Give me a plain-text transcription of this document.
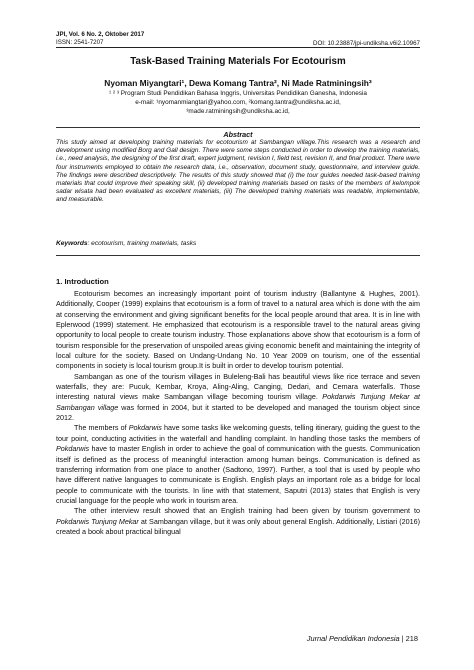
JPI, Vol. 6 No. 2, Oktober 2017
ISSN: 2541-7207	DOI: 10.23887/jpi-undiksha.v6i2.10967
Task-Based Training Materials For Ecotourism
Nyoman Miyangtari¹, Dewa Komang Tantra², Ni Made Ratminingsih³
¹ ² ³ Program Studi Pendidikan Bahasa Inggris, Universitas Pendidikan Ganesha, Indonesia
e-mail: ¹nyomanmiangtari@yahoo.com, ²komang.tantra@undiksha.ac.id,
³made.ratminingsih@undiksha.ac.id,
Abstract
This study aimed at developing training materials for ecotourism at Sambangan village.This research was a research and development using modified Borg and Gall design. There were some steps conducted in order to develop the training materials, i.e., need analysis, the designing of the first draft, expert judgment, revision I, field test, revision II, and final product. There were four instruments employed to obtain the research data, i.e., observation, document study, questionnaire, and interview guide. The findings were described descriptively. The results of this study showed that (i) the tour guides needed task-based training materials that could improve their speaking skill, (ii) developed training materials based on tasks of the members of kelompok sadar wisata had been evaluated as excellent materials, (iii) The developed training materials was readable, implementable, and measurable.
Keywords: ecotourism, training materials, tasks
1. Introduction

Ecotourism becomes an increasingly important point of tourism industry (Ballantyne & Hughes, 2001). Additionally, Cooper (1999) explains that ecotourism is a form of travel to a natural area which is done with the aim at conserving the environment and giving significant benefits for the local people around that area. It is in line with Eplerwood (1999) statement. He emphasized that ecotourism is a responsible travel to the natural areas giving opportunity to local people to create tourism industry. Those explanations above show that ecotourism is a form of tourism responsible for the preservation of unspoiled areas giving economic benefit and maintaining the integrity of local culture for the society. Based on Undang-Undang No. 10 Year 2009 on tourism, one of the essential components in society is local tourism group.It is built in order to develop tourism potential.

Sambangan as one of the tourism villages in Buleleng-Bali has beautiful views like rice terrace and seven waterfalls, they are: Pucuk, Kembar, Kroya, Aling-Aling, Canging, Dedari, and Cemara waterfalls. Those interesting natural views make Sambangan village becoming tourism village. Pokdarwis Tunjung Mekar at Sambangan village was formed in 2004, but it started to be developed and managed the tourism object since 2012.

The members of Pokdarwis have some tasks like welcoming guests, telling itinerary, guiding the guest to the tour point, conducting activities in the waterfall and handling complaint. In handling those tasks the members of Pokdarwis have to master English in order to achieve the goal of communication with the guests. Communication itself is defined as the process of meaningful interaction among human beings. Communication is defined as transferring information from one place to another (Sadtono, 1997). Further, a tool that is used by people who have different native languages to communicate is English. English plays an important role as a bridge for local people to communicate with the tourists. In line with that statement, Saputri (2013) states that English is very crucial language for the people who work in tourism area.

The other interview result showed that an English training had been given by tourism government to Pokdarwis Tunjung Mekar at Sambangan village, but it was only about general English. Additionally, Listiari (2016) created a book about practical bilingual

Jurnal Pendidikan Indonesia | 218
